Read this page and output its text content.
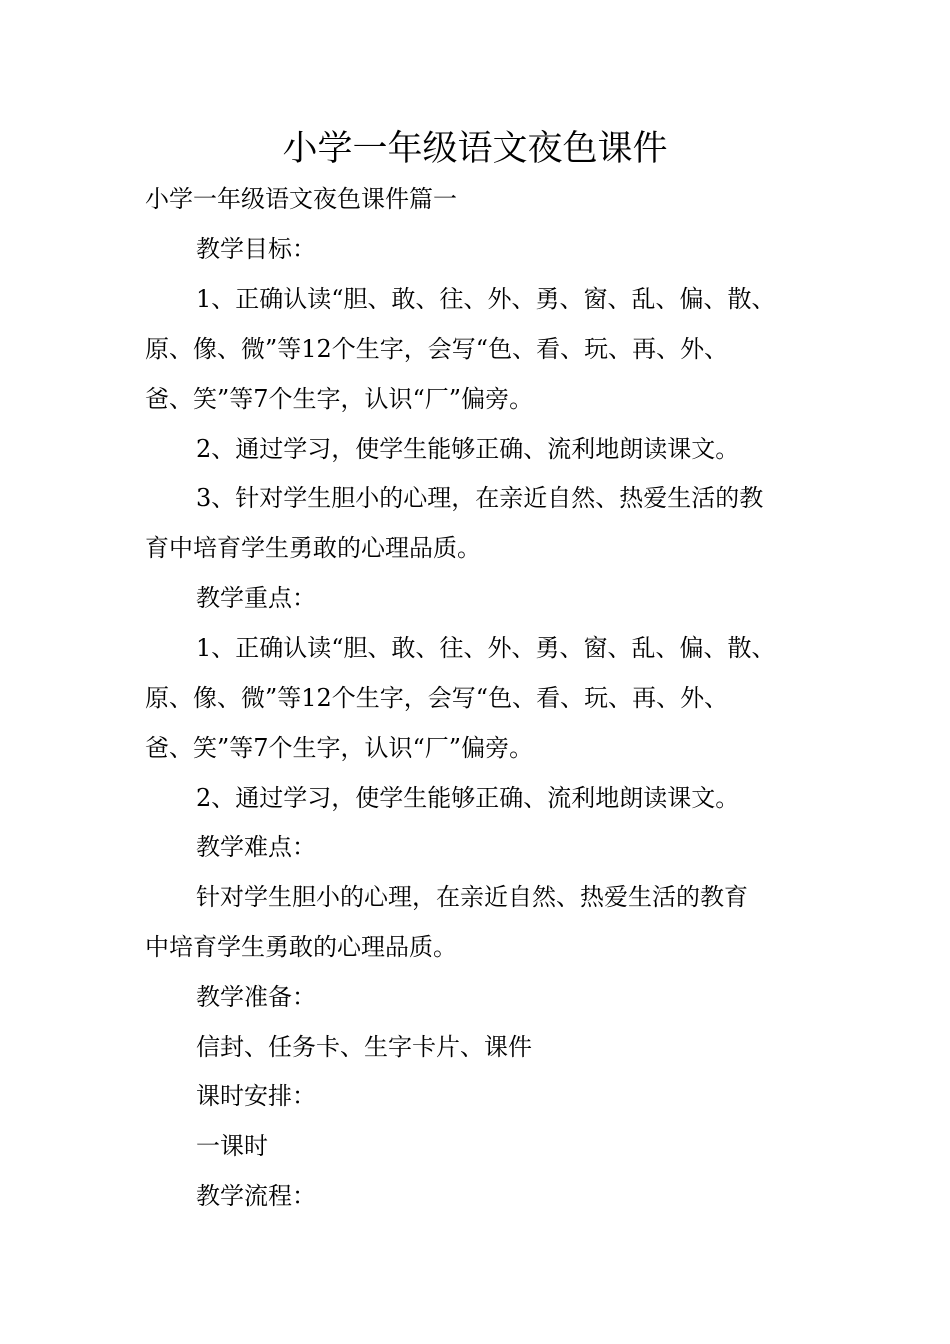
小学一年级语文夜色课件

小学一年级语文夜色课件篇一

教学目标：

1、正确认读“胆、敢、往、外、勇、窗、乱、偏、散、

原、像、微”等12个生字，会写“色、看、玩、再、外、

爸、笑”等7个生字，认识“厂”偏旁。

2、通过学习，使学生能够正确、流利地朗读课文。

3、针对学生胆小的心理，在亲近自然、热爱生活的教

育中培育学生勇敢的心理品质。

教学重点：

1、正确认读“胆、敢、往、外、勇、窗、乱、偏、散、

原、像、微”等12个生字，会写“色、看、玩、再、外、

爸、笑”等7个生字，认识“厂”偏旁。

2、通过学习，使学生能够正确、流利地朗读课文。

教学难点：

针对学生胆小的心理，在亲近自然、热爱生活的教育

中培育学生勇敢的心理品质。

教学准备：

信封、任务卡、生字卡片、课件

课时安排：

一课时

教学流程：
